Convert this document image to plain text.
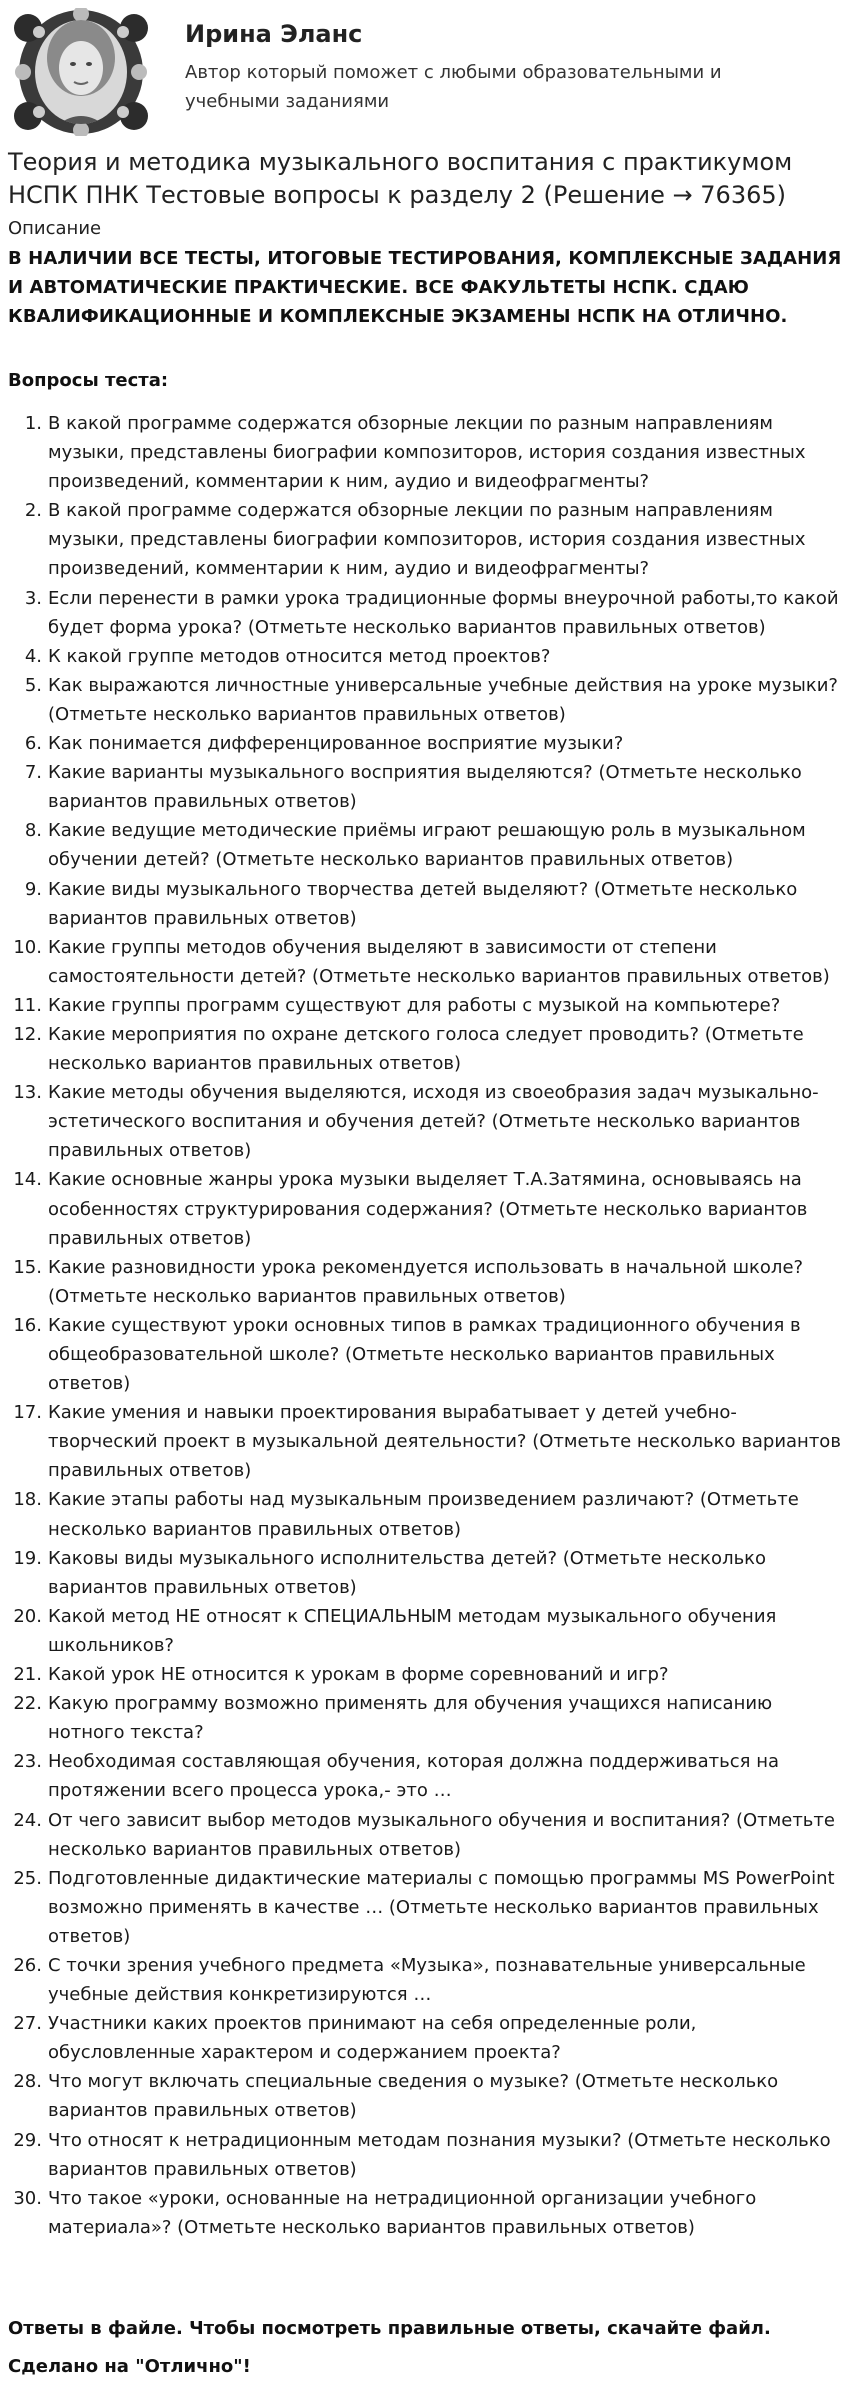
Ирина Эланс
Автор который поможет с любыми образовательными и учебными заданиями
Теория и методика музыкального воспитания с практикумом НСПК ПНК Тестовые вопросы к разделу 2 (Решение → 76365)
Описание
В НАЛИЧИИ ВСЕ ТЕСТЫ, ИТОГОВЫЕ ТЕСТИРОВАНИЯ, КОМПЛЕКСНЫЕ ЗАДАНИЯ И АВТОМАТИЧЕСКИЕ ПРАКТИЧЕСКИЕ. ВСЕ ФАКУЛЬТЕТЫ НСПК. СДАЮ КВАЛИФИКАЦИОННЫЕ И КОМПЛЕКСНЫЕ ЭКЗАМЕНЫ НСПК НА ОТЛИЧНО.
Вопросы теста:
1. В какой программе содержатся обзорные лекции по разным направлениям музыки, представлены биографии композиторов, история создания известных произведений, комментарии к ним, аудио и видеофрагменты?
2. В какой программе содержатся обзорные лекции по разным направлениям музыки, представлены биографии композиторов, история создания известных произведений, комментарии к ним, аудио и видеофрагменты?
3. Если перенести в рамки урока традиционные формы внеурочной работы,то какой будет форма урока? (Отметьте несколько вариантов правильных ответов)
4. К какой группе методов относится метод проектов?
5. Как выражаются личностные универсальные учебные действия на уроке музыки? (Отметьте несколько вариантов правильных ответов)
6. Как понимается дифференцированное восприятие музыки?
7. Какие варианты музыкального восприятия выделяются? (Отметьте несколько вариантов правильных ответов)
8. Какие ведущие методические приёмы играют решающую роль в музыкальном обучении детей? (Отметьте несколько вариантов правильных ответов)
9. Какие виды музыкального творчества детей выделяют? (Отметьте несколько вариантов правильных ответов)
10. Какие группы методов обучения выделяют в зависимости от степени самостоятельности детей? (Отметьте несколько вариантов правильных ответов)
11. Какие группы программ существуют для работы с музыкой на компьютере?
12. Какие мероприятия по охране детского голоса следует проводить? (Отметьте несколько вариантов правильных ответов)
13. Какие методы обучения выделяются, исходя из своеобразия задач музыкально-эстетического воспитания и обучения детей? (Отметьте несколько вариантов правильных ответов)
14. Какие основные жанры урока музыки выделяет Т.А.Затямина, основываясь на особенностях структурирования содержания? (Отметьте несколько вариантов правильных ответов)
15. Какие разновидности урока рекомендуется использовать в начальной школе? (Отметьте несколько вариантов правильных ответов)
16. Какие существуют уроки основных типов в рамках традиционного обучения в общеобразовательной школе? (Отметьте несколько вариантов правильных ответов)
17. Какие умения и навыки проектирования вырабатывает у детей учебно-творческий проект в музыкальной деятельности? (Отметьте несколько вариантов правильных ответов)
18. Какие этапы работы над музыкальным произведением различают? (Отметьте несколько вариантов правильных ответов)
19. Каковы виды музыкального исполнительства детей? (Отметьте несколько вариантов правильных ответов)
20. Какой метод НЕ относят к СПЕЦИАЛЬНЫМ методам музыкального обучения школьников?
21. Какой урок НЕ относится к урокам в форме соревнований и игр?
22. Какую программу возможно применять для обучения учащихся написанию нотного текста?
23. Необходимая составляющая обучения, которая должна поддерживаться на протяжении всего процесса урока,- это …
24. От чего зависит выбор методов музыкального обучения и воспитания? (Отметьте несколько вариантов правильных ответов)
25. Подготовленные дидактические материалы с помощью программы MS PowerPoint возможно применять в качестве … (Отметьте несколько вариантов правильных ответов)
26. С точки зрения учебного предмета «Музыка», познавательные универсальные учебные действия конкретизируются …
27. Участники каких проектов принимают на себя определенные роли, обусловленные характером и содержанием проекта?
28. Что могут включать специальные сведения о музыке? (Отметьте несколько вариантов правильных ответов)
29. Что относят к нетрадиционным методам познания музыки? (Отметьте несколько вариантов правильных ответов)
30. Что такое «уроки, основанные на нетрадиционной организации учебного материала»? (Отметьте несколько вариантов правильных ответов)
Ответы в файле. Чтобы посмотреть правильные ответы, скачайте файл.
Сделано на "Отлично"!
